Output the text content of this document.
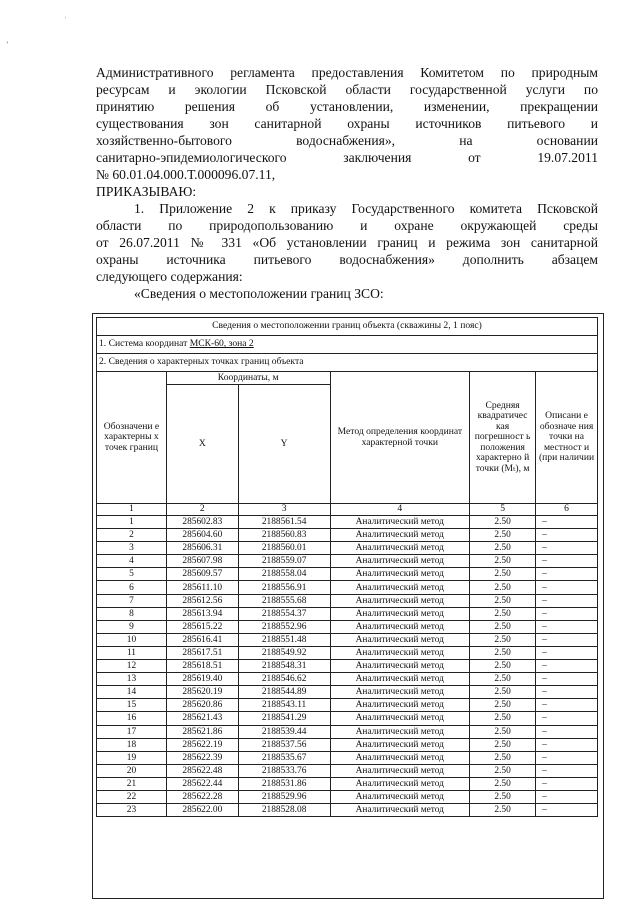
ʼ
ʾ

Административного регламента предоставления Комитетом по природным

ресурсам и экологии Псковской области государственной услуги по

принятию решения об установлении, изменении, прекращении

существования зон санитарной охраны источников питьевого и

хозяйственно-бытового водоснабжения», на основании

санитарно-эпидемиологического заключения от 19.07.2011

№ 60.01.04.000.Т.000096.07.11,

ПРИКАЗЫВАЮ:

1. Приложение 2 к приказу Государственного комитета Псковской

области по природопользованию и охране окружающей среды

от 26.07.2011 № 331 «Об установлении границ и режима зон санитарной

охраны источника питьевого водоснабжения» дополнить абзацем

следующего содержания:

«Сведения о местоположении границ ЗСО:

Сведения о местоположении границ объекта (скважины 2, 1 пояс)					
1. Система координат МСК-60, зона 2					
2. Сведения о характерных точках границ объекта					
Обозначени е характерны х точек границ	Координаты, м		Метод определения координат характерной точки	Средняя квадратичес кая погрешност ь положения характерно й точки (Mₜ), м	Описани е обозначе ния точки на местност и (при наличии
	X	Y			
1	2	3	4	5	6
1	285602.83	2188561.54	Аналитический метод	2.50	–
2	285604.60	2188560.83	Аналитический метод	2.50	–
3	285606.31	2188560.01	Аналитический метод	2.50	–
4	285607.98	2188559.07	Аналитический метод	2.50	–
5	285609.57	2188558.04	Аналитический метод	2.50	–
6	285611.10	2188556.91	Аналитический метод	2.50	–
7	285612.56	2188555.68	Аналитический метод	2.50	–
8	285613.94	2188554.37	Аналитический метод	2.50	–
9	285615.22	2188552.96	Аналитический метод	2.50	–
10	285616.41	2188551.48	Аналитический метод	2.50	–
11	285617.51	2188549.92	Аналитический метод	2.50	–
12	285618.51	2188548.31	Аналитический метод	2.50	–
13	285619.40	2188546.62	Аналитический метод	2.50	–
14	285620.19	2188544.89	Аналитический метод	2.50	–
15	285620.86	2188543.11	Аналитический метод	2.50	–
16	285621.43	2188541.29	Аналитический метод	2.50	–
17	285621.86	2188539.44	Аналитический метод	2.50	–
18	285622.19	2188537.56	Аналитический метод	2.50	–
19	285622.39	2188535.67	Аналитический метод	2.50	–
20	285622.48	2188533.76	Аналитический метод	2.50	–
21	285622.44	2188531.86	Аналитический метод	2.50	–
22	285622.28	2188529.96	Аналитический метод	2.50	–
23	285622.00	2188528.08	Аналитический метод	2.50	–
